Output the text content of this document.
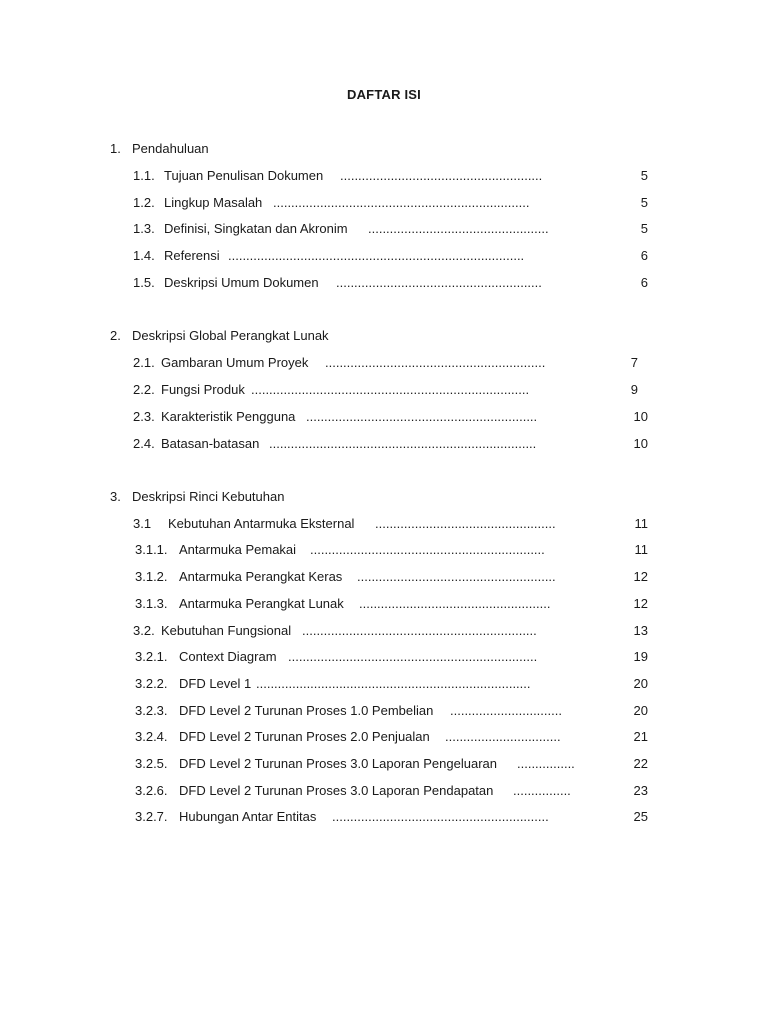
DAFTAR ISI
1. Pendahuluan
1.1. Tujuan Penulisan Dokumen ........................................................	5
1.2. Lingkup Masalah .......................................................................	5
1.3. Definisi, Singkatan dan Akronim ..................................................	5
1.4. Referensi ..................................................................................	6
1.5. Deskripsi Umum Dokumen .........................................................	6
2. Deskripsi Global Perangkat Lunak
2.1. Gambaran Umum Proyek .............................................................	7
2.2. Fungsi Produk .............................................................................	9
2.3. Karakteristik Pengguna ................................................................	10
2.4. Batasan-batasan ..........................................................................	10
3. Deskripsi Rinci Kebutuhan
3.1 Kebutuhan Antarmuka Eksternal ..................................................	11
3.1.1. Antarmuka Pemakai .................................................................	11
3.1.2. Antarmuka Perangkat Keras .......................................................	12
3.1.3. Antarmuka Perangkat Lunak .....................................................	12
3.2. Kebutuhan Fungsional .................................................................	13
3.2.1. Context Diagram .....................................................................	19
3.2.2. DFD Level 1 ............................................................................	20
3.2.3. DFD Level 2 Turunan Proses 1.0 Pembelian ...............................	20
3.2.4. DFD Level 2 Turunan Proses 2.0 Penjualan ................................	21
3.2.5. DFD Level 2 Turunan Proses 3.0 Laporan Pengeluaran ................	22
3.2.6. DFD Level 2 Turunan Proses 3.0 Laporan Pendapatan ................	23
3.2.7. Hubungan Antar Entitas ............................................................	25
